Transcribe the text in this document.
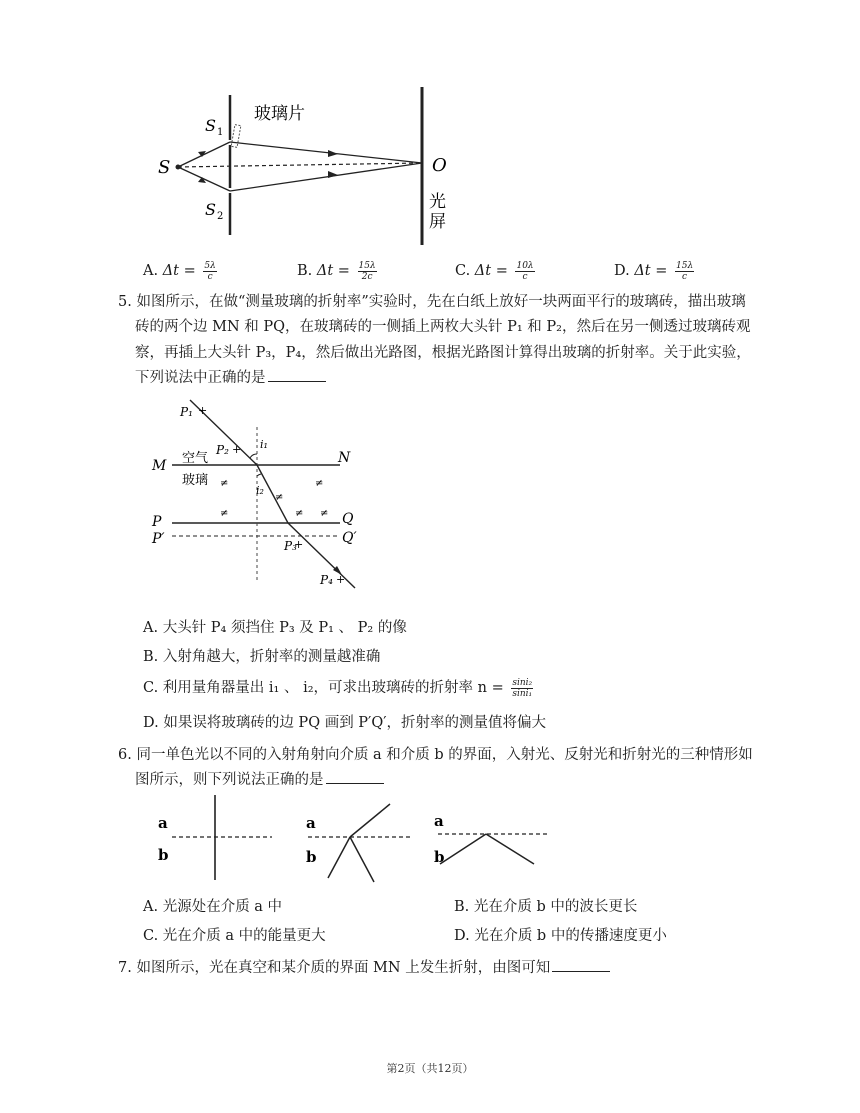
S
S 1
S 2
玻璃片
O
光
屏
A. $\Delta t = \frac{5\lambda}{c}$	B. $\Delta t = \frac{15\lambda}{2c}$	C. $\Delta t = \frac{10\lambda}{c}$	D. $\Delta t = \frac{15\lambda}{c}$
5. 如图所示，在做“测量玻璃的折射率”实验时，先在白纸上放好一块两面平行的玻璃砖，描出玻璃
砖的两个边 MN 和 PQ，在玻璃砖的一侧插上两枚大头针 P₁ 和 P₂，然后在另一侧透过玻璃砖观
察，再插上大头针 P₃，P₄，然后做出光路图，根据光路图计算得出玻璃的折射率。关于此实验，
下列说法中正确的是
+
+
+
+
≠	≠
≠
≠	≠ ≠
M	N
P	Q
P′	Q′
空气
玻璃
P₁
P₂
P₃
P₄
i₁
i₂
A. 大头针 P₄ 须挡住 P₃ 及 P₁ 、 P₂ 的像
B. 入射角越大，折射率的测量越准确
C. 利用量角器量出 i₁ 、 i₂，可求出玻璃砖的折射率 $n = \frac{\text{sini₂}}{\text{sini₁}}$
D. 如果误将玻璃砖的边 PQ 画到 P′Q′，折射率的测量值将偏大
6. 同一单色光以不同的入射角射向介质 a 和介质 b 的界面，入射光、反射光和折射光的三种情形如
图所示，则下列说法正确的是
a
b
a
b
a
b
A. 光源处在介质 a 中	B. 光在介质 b 中的波长更长
C. 光在介质 a 中的能量更大	D. 光在介质 b 中的传播速度更小
7. 如图所示，光在真空和某介质的界面 MN 上发生折射，由图可知
第2页（共12页）
